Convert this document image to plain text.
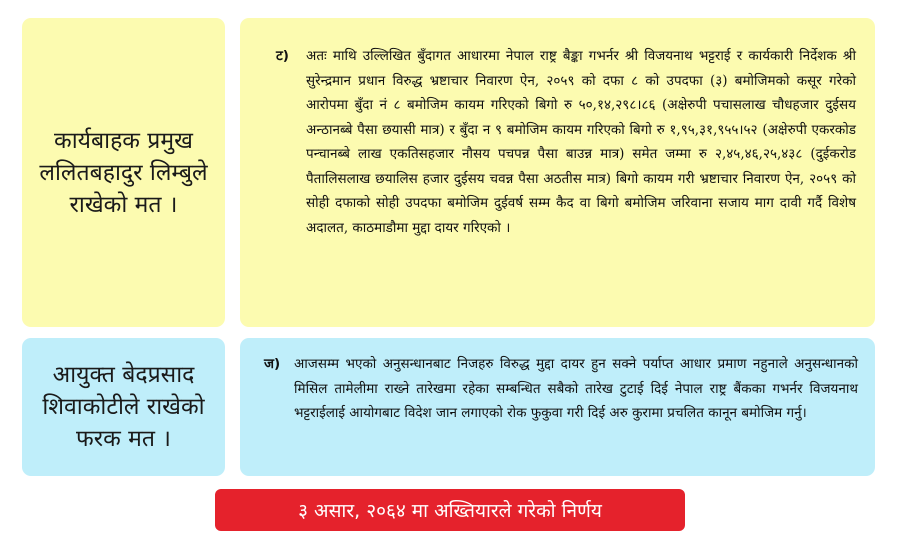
कार्यबाहक प्रमुख ललितबहादुर लिम्बुले राखेको मत ।
ट)	अतः माथि उल्लिखित बुँदागत आधारमा नेपाल राष्ट्र बैङ्का गभर्नर श्री विजयनाथ भट्टराई र कार्यकारी निर्देशक श्री सुरेन्द्रमान प्रधान विरुद्ध भ्रष्टाचार निवारण ऐन, २०५९ को दफा ८ को उपदफा (३) बमोजिमको कसूर गरेको आरोपमा बुँदा नं ८ बमोजिम कायम गरिएको बिगो रु ५०,१४,२९८।८६ (अक्षेरुपी पचासलाख चौधहजार दुईसय अन्ठानब्बे पैसा छयासी मात्र) र बुँदा न ९ बमोजिम कायम गरिएको बिगो रु १,९५,३१,९५५।५२ (अक्षेरुपी एकरकोड पन्चानब्बे लाख एकतिसहजार नौसय पचपन्न पैसा बाउन्न मात्र) समेत जम्मा रु २,४५,४६,२५,४३८ (दुईकरोड पैतालिसलाख छयालिस हजार दुईसय चवन्न पैसा अठतीस मात्र) बिगो कायम गरी भ्रष्टाचार निवारण ऐन, २०५९ को सोही दफाको सोही उपदफा बमोजिम दुईवर्ष सम्म कैद वा बिगो बमोजिम जरिवाना सजाय माग दावी गर्दै विशेष अदालत, काठमाडौमा मुद्दा दायर गरिएको ।
आयुक्त बेदप्रसाद शिवाकोटीले राखेको फरक मत ।
ज)	आजसम्म भएको अनुसन्धानबाट निजहरु विरुद्ध मुद्दा दायर हुन सक्ने पर्याप्त आधार प्रमाण नहुनाले अनुसन्धानको मिसिल तामेलीमा राख्ने तारेखमा रहेका सम्बन्धित सबैको तारेख टुटाई दिई नेपाल राष्ट्र बैंकका गभर्नर विजयनाथ भट्टराईलाई आयोगबाट विदेश जान लगाएको रोक फुकुवा गरी दिई अरु कुरामा प्रचलित कानून बमोजिम गर्नु।
३ असार, २०६४ मा अख्तियारले गरेको निर्णय
